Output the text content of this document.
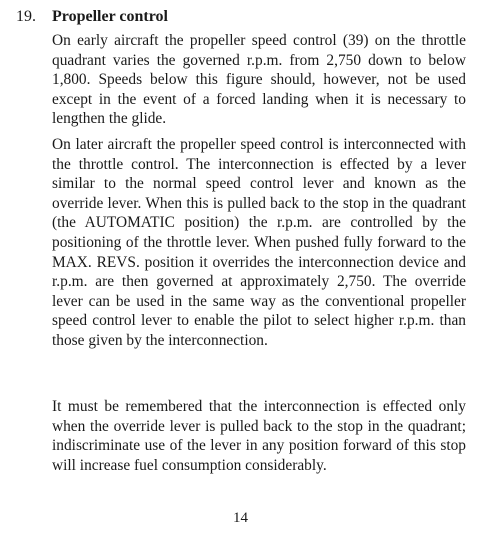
19. Propeller control

On early aircraft the propeller speed control (39) on the throttle quadrant varies the governed r.p.m. from 2,750 down to below 1,800. Speeds below this figure should, however, not be used except in the event of a forced landing when it is necessary to lengthen the glide.

On later aircraft the propeller speed control is interconnected with the throttle control. The interconnection is effected by a lever similar to the normal speed control lever and known as the override lever. When this is pulled back to the stop in the quadrant (the AUTOMATIC position) the r.p.m. are controlled by the positioning of the throttle lever. When pushed fully forward to the MAX. REVS. position it overrides the interconnection device and r.p.m. are then governed at approximately 2,750. The override lever can be used in the same way as the conventional propeller speed control lever to enable the pilot to select higher r.p.m. than those given by the interconnection.

It must be remembered that the interconnection is effected only when the override lever is pulled back to the stop in the quadrant; indiscriminate use of the lever in any position forward of this stop will increase fuel consumption considerably.

14
